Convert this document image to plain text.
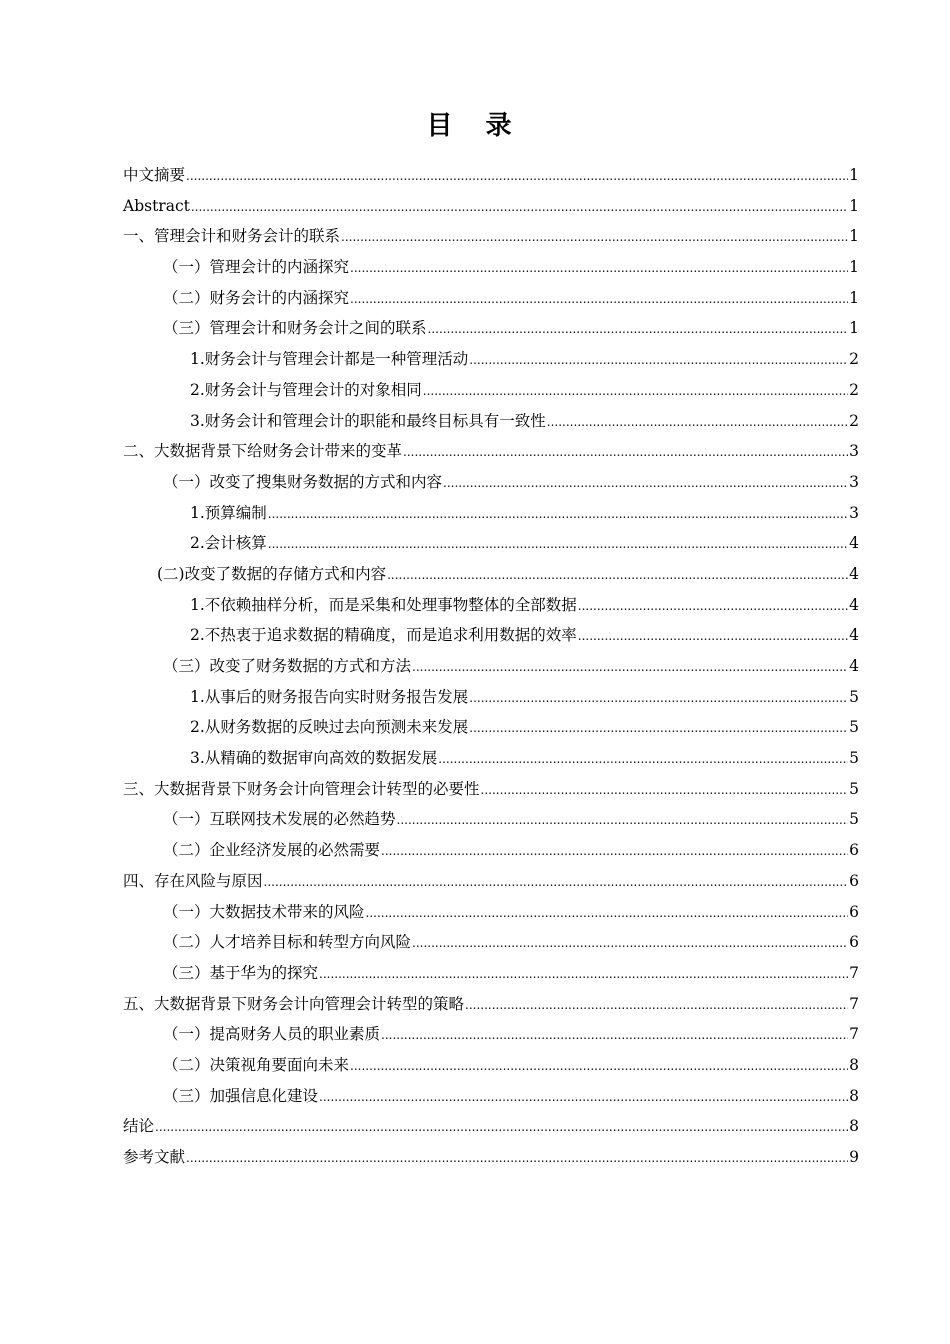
目 录
中文摘要 .....	1
Abstract .....	1
一、管理会计和财务会计的联系 .....	1
（一）管理会计的内涵探究 .....	1
（二）财务会计的内涵探究 .....	1
（三）管理会计和财务会计之间的联系 .....	1
1.财务会计与管理会计都是一种管理活动 .....	2
2.财务会计与管理会计的对象相同 .....	2
3.财务会计和管理会计的职能和最终目标具有一致性 .....	2
二、大数据背景下给财务会计带来的变革 .....	3
（一）改变了搜集财务数据的方式和内容 .....	3
1.预算编制 .....	3
2.会计核算 .....	4
(二)改变了数据的存储方式和内容 .....	4
1.不依赖抽样分析，而是采集和处理事物整体的全部数据 .....	4
2.不热衷于追求数据的精确度，而是追求利用数据的效率 .....	4
（三）改变了财务数据的方式和方法 .....	4
1.从事后的财务报告向实时财务报告发展 .....	5
2.从财务数据的反映过去向预测未来发展 .....	5
3.从精确的数据审向高效的数据发展 .....	5
三、大数据背景下财务会计向管理会计转型的必要性 .....	5
（一）互联网技术发展的必然趋势 .....	5
（二）企业经济发展的必然需要 .....	6
四、存在风险与原因 .....	6
（一）大数据技术带来的风险 .....	6
（二）人才培养目标和转型方向风险 .....	6
（三）基于华为的探究 .....	7
五、大数据背景下财务会计向管理会计转型的策略 .....	7
（一）提高财务人员的职业素质 .....	7
（二）决策视角要面向未来 .....	8
（三）加强信息化建设 .....	8
结论 .....	8
参考文献 .....	9
